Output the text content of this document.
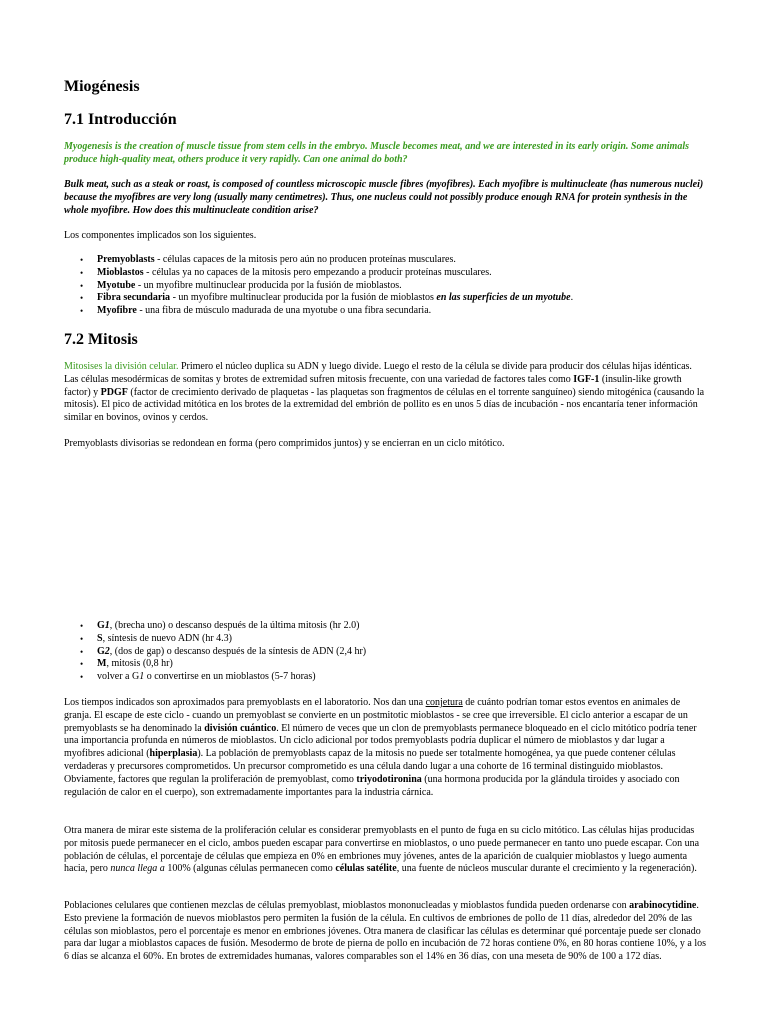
Miogénesis
7.1 Introducción

Myogenesis is the creation of muscle tissue from stem cells in the embryo. Muscle becomes meat, and we are interested in its early origin. Some animals produce high-quality meat, others produce it very rapidly. Can one animal do both?

Bulk meat, such as a steak or roast, is composed of countless microscopic muscle fibres (myofibres). Each myofibre is multinucleate (has numerous nuclei) because the myofibres are very long (usually many centimetres). Thus, one nucleus could not possibly produce enough RNA for protein synthesis in the whole myofibre. How does this multinucleate condition arise?

Los componentes implicados son los siguientes.

• Premyoblasts - células capaces de la mitosis pero aún no producen proteínas musculares.
• Mioblastos - células ya no capaces de la mitosis pero empezando a producir proteínas musculares.
• Myotube - un myofibre multinuclear producida por la fusión de mioblastos.
• Fibra secundaria - un myofibre multinuclear producida por la fusión de mioblastos en las superficies de un myotube.
• Myofibre - una fibra de músculo madurada de una myotube o una fibra secundaria.
7.2 Mitosis

Mitosises la división celular. Primero el núcleo duplica su ADN y luego divide. Luego el resto de la célula se divide para producir dos células hijas idénticas. Las células mesodérmicas de somitas y brotes de extremidad sufren mitosis frecuente, con una variedad de factores tales como IGF-1 (insulin-like growth factor) y PDGF (factor de crecimiento derivado de plaquetas - las plaquetas son fragmentos de células en el torrente sanguíneo) siendo mitogénica (causando la mitosis). El pico de actividad mitótica en los brotes de la extremidad del embrión de pollito es en unos 5 días de incubación - nos encantaría tener información similar en bovinos, ovinos y cerdos.

Premyoblasts divisorias se redondean en forma (pero comprimidos juntos) y se encierran en un ciclo mitótico.

• G1, (brecha uno) o descanso después de la última mitosis (hr 2.0)
• S, síntesis de nuevo ADN (hr 4.3)
• G2, (dos de gap) o descanso después de la síntesis de ADN (2,4 hr)
• M, mitosis (0,8 hr)
• volver a G1 o convertirse en un mioblastos (5-7 horas)

Los tiempos indicados son aproximados para premyoblasts en el laboratorio. Nos dan una conjetura de cuánto podrían tomar estos eventos en animales de granja. El escape de este ciclo - cuando un premyoblast se convierte en un postmitotic mioblastos - se cree que irreversible. El ciclo anterior a escapar de un premyoblasts se ha denominado la división cuántico. El número de veces que un clon de premyoblasts permanece bloqueado en el ciclo mitótico podría tener una importancia profunda en números de mioblastos. Un ciclo adicional por todos premyoblasts podría duplicar el número de mioblastos y dar lugar a myofibres adicional (hiperplasia). La población de premyoblasts capaz de la mitosis no puede ser totalmente homogénea, ya que puede contener células verdaderas y precursores comprometidos. Un precursor comprometido es una célula dando lugar a una cohorte de 16 terminal distinguido mioblastos. Obviamente, factores que regulan la proliferación de premyoblast, como triyodotironina (una hormona producida por la glándula tiroides y asociado con regulación de calor en el cuerpo), son extremadamente importantes para la industria cárnica.

Otra manera de mirar este sistema de la proliferación celular es considerar premyoblasts en el punto de fuga en su ciclo mitótico. Las células hijas producidas por mitosis puede permanecer en el ciclo, ambos pueden escapar para convertirse en mioblastos, o uno puede permanecer en tanto uno puede escapar. Con una población de células, el porcentaje de células que empieza en 0% en embriones muy jóvenes, antes de la aparición de cualquier mioblastos y luego aumenta hacia, pero nunca llega a 100% (algunas células permanecen como células satélite, una fuente de núcleos muscular durante el crecimiento y la regeneración).

Poblaciones celulares que contienen mezclas de células premyoblast, mioblastos mononucleadas y mioblastos fundida pueden ordenarse con arabinocytidine. Esto previene la formación de nuevos mioblastos pero permiten la fusión de la célula. En cultivos de embriones de pollo de 11 días, alrededor del 20% de las células son mioblastos, pero el porcentaje es menor en embriones jóvenes. Otra manera de clasificar las células es determinar qué porcentaje puede ser clonado para dar lugar a mioblastos capaces de fusión. Mesodermo de brote de pierna de pollo en incubación de 72 horas contiene 0%, en 80 horas contiene 10%, y a los 6 días se alcanza el 60%. En brotes de extremidades humanas, valores comparables son el 14% en 36 días, con una meseta de 90% de 100 a 172 días.
